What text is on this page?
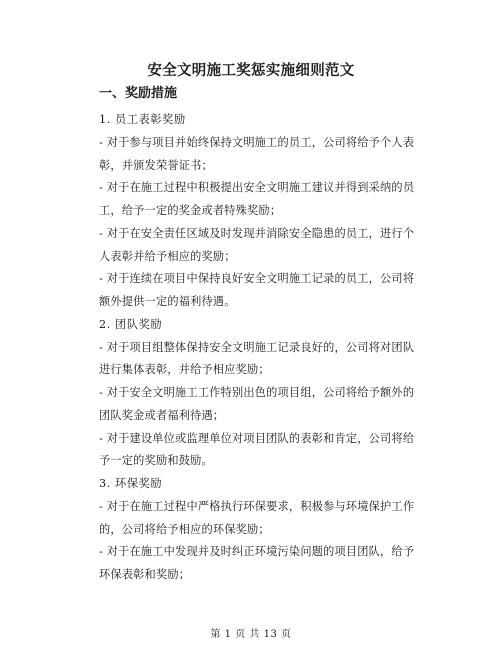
安全文明施工奖惩实施细则范文
一、奖励措施

1. 员工表彰奖励

- 对于参与项目并始终保持文明施工的员工，公司将给予个人表彰，并颁发荣誉证书；

- 对于在施工过程中积极提出安全文明施工建议并得到采纳的员工，给予一定的奖金或者特殊奖励；

- 对于在安全责任区域及时发现并消除安全隐患的员工，进行个人表彰并给予相应的奖励；

- 对于连续在项目中保持良好安全文明施工记录的员工，公司将额外提供一定的福利待遇。

2. 团队奖励

- 对于项目组整体保持安全文明施工记录良好的，公司将对团队进行集体表彰，并给予相应奖励；

- 对于安全文明施工工作特别出色的项目组，公司将给予额外的团队奖金或者福利待遇；

- 对于建设单位或监理单位对项目团队的表彰和肯定，公司将给予一定的奖励和鼓励。

3. 环保奖励

- 对于在施工过程中严格执行环保要求，积极参与环境保护工作的，公司将给予相应的环保奖励；

- 对于在施工中发现并及时纠正环境污染问题的项目团队，给予环保表彰和奖励；

第 1 页 共 13 页
